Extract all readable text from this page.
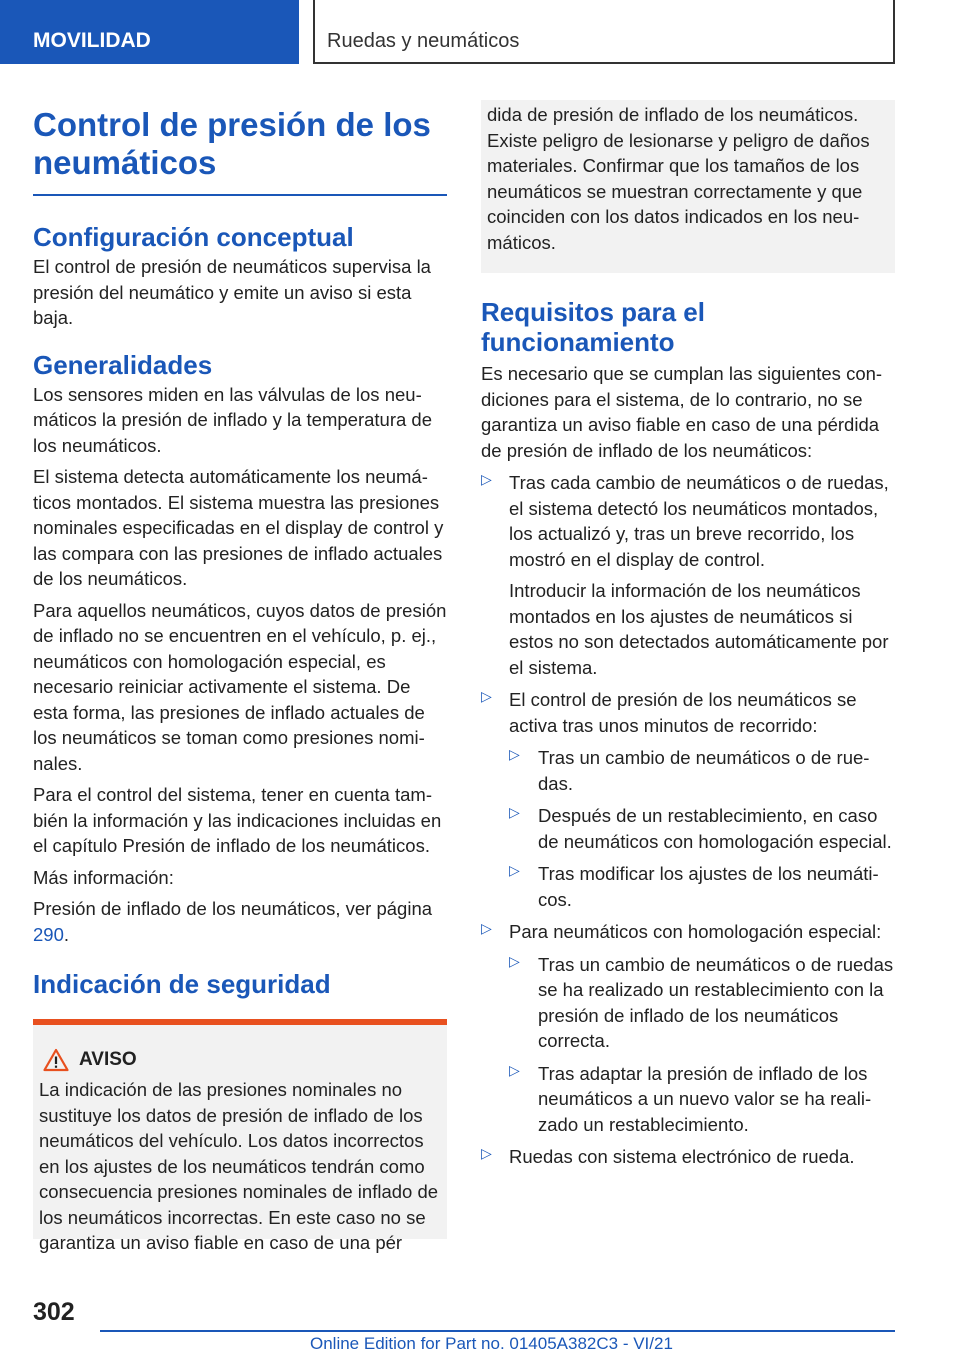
MOVILIDAD	Ruedas y neumáticos
Control de presión de los neumáticos
Configuración conceptual

El control de presión de neumáticos supervisa la presión del neumático y emite un aviso si esta baja.

Generalidades

Los sensores miden en las válvulas de los neumáticos la presión de inflado y la temperatura de los neumáticos.

El sistema detecta automáticamente los neumáticos montados. El sistema muestra las presiones nominales especificadas en el display de control y las compara con las presiones de inflado actuales de los neumáticos.

Para aquellos neumáticos, cuyos datos de presión de inflado no se encuentren en el vehículo, p. ej., neumáticos con homologación especial, es necesario reiniciar activamente el sistema. De esta forma, las presiones de inflado actuales de los neumáticos se toman como presiones nominales.

Para el control del sistema, tener en cuenta también la información y las indicaciones incluidas en el capítulo Presión de inflado de los neumáticos.

Más información:

Presión de inflado de los neumáticos, ver página 290.

Indicación de seguridad
AVISO

La indicación de las presiones nominales no sustituye los datos de presión de inflado de los neumáticos del vehículo. Los datos incorrectos en los ajustes de los neumáticos tendrán como consecuencia presiones nominales de inflado de los neumáticos incorrectas. En este caso no se garantiza un aviso fiable en caso de una pér

dida de presión de inflado de los neumáticos. Existe peligro de lesionarse y peligro de daños materiales. Confirmar que los tamaños de los neumáticos se muestran correctamente y que coinciden con los datos indicados en los neumáticos.

Requisitos para el funcionamiento

Es necesario que se cumplan las siguientes condiciones para el sistema, de lo contrario, no se garantiza un aviso fiable en caso de una pérdida de presión de inflado de los neumáticos:

▷ Tras cada cambio de neumáticos o de ruedas, el sistema detectó los neumáticos montados, los actualizó y, tras un breve recorrido, los mostró en el display de control.

Introducir la información de los neumáticos montados en los ajustes de neumáticos si estos no son detectados automáticamente por el sistema.

▷ El control de presión de los neumáticos se activa tras unos minutos de recorrido:

▷ Tras un cambio de neumáticos o de ruedas.

▷ Después de un restablecimiento, en caso de neumáticos con homologación especial.

▷ Tras modificar los ajustes de los neumáticos.

▷ Para neumáticos con homologación especial:

▷ Tras un cambio de neumáticos o de ruedas se ha realizado un restablecimiento con la presión de inflado de los neumáticos correcta.

▷ Tras adaptar la presión de inflado de los neumáticos a un nuevo valor se ha realizado un restablecimiento.

▷ Ruedas con sistema electrónico de rueda.

302
Online Edition for Part no. 01405A382C3 - VI/21
